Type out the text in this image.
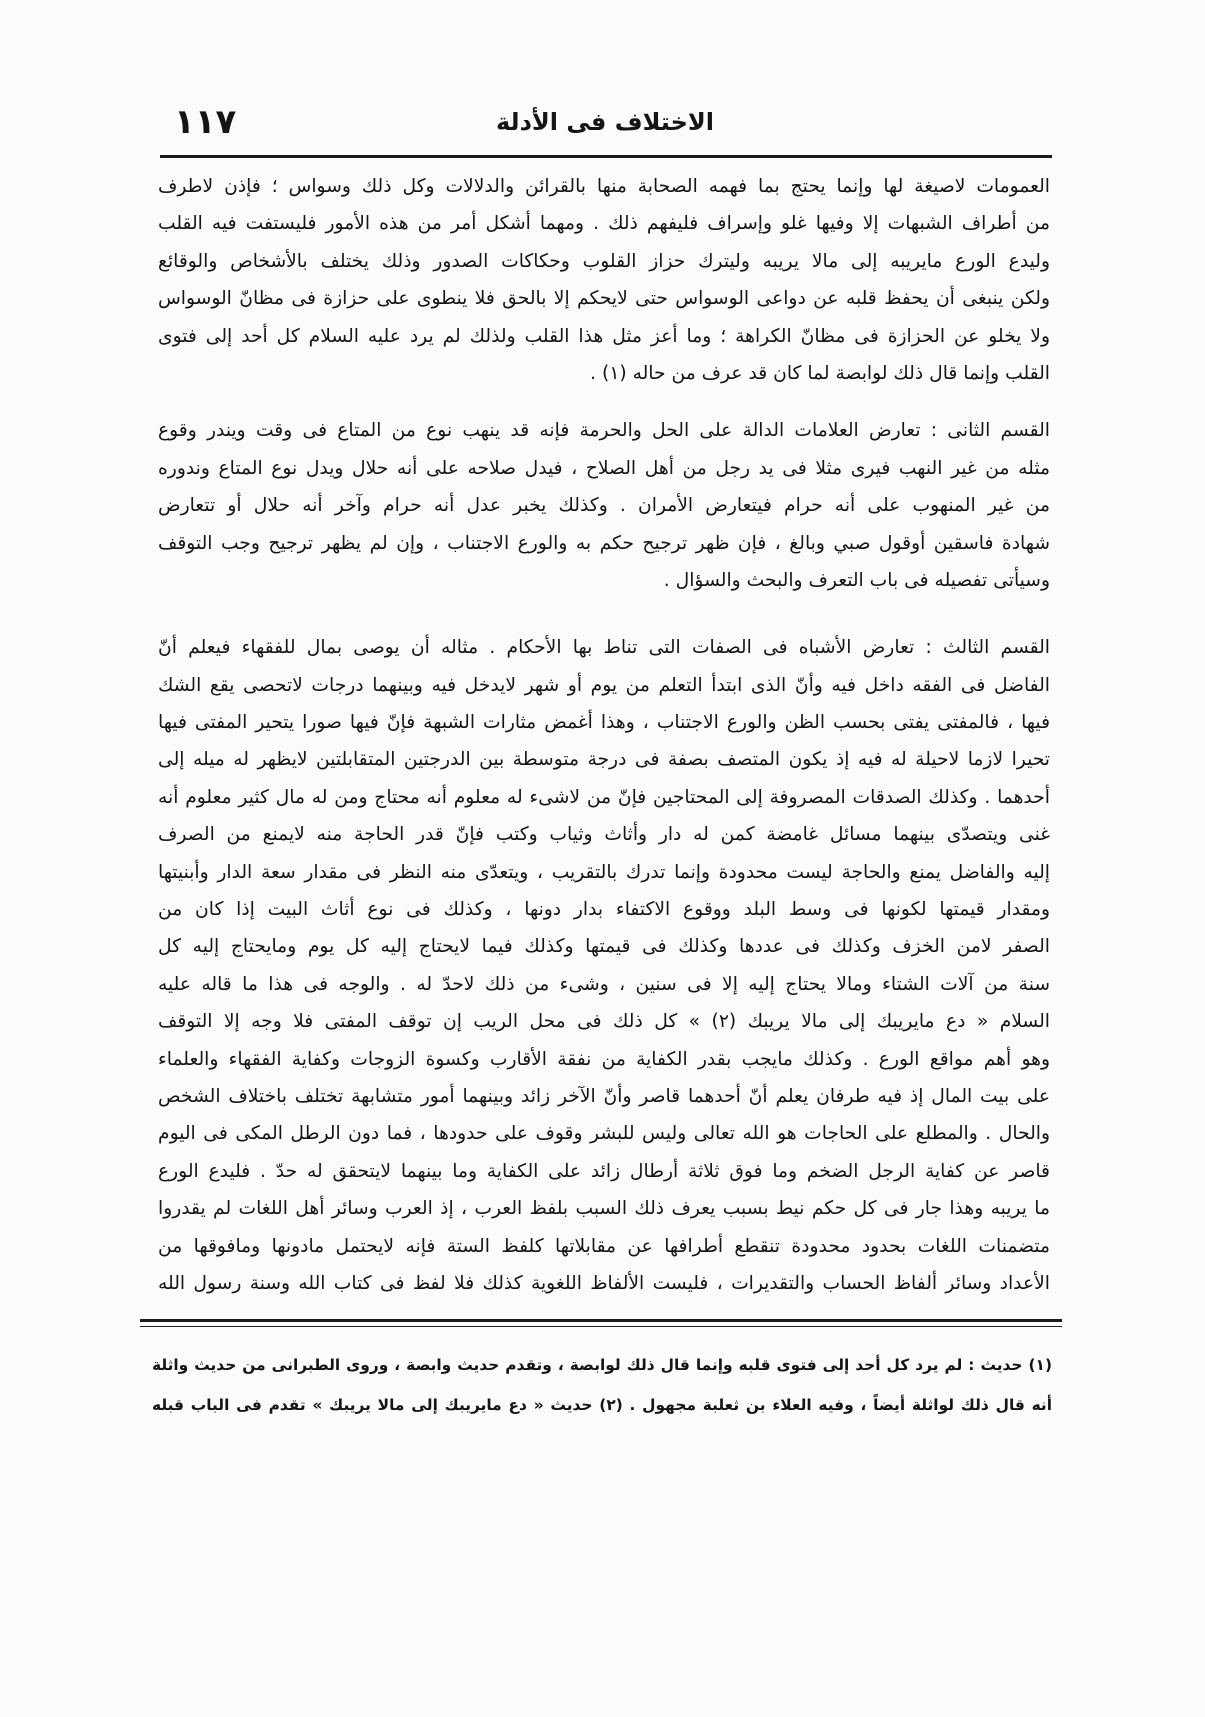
الاختلاف فى الأدلة
١١٧
العمومات لاصيغة لها وإنما يحتج بما فهمه الصحابة منها بالقرائن والدلالات وكل ذلك وسواس ؛ فإذن لاطرف
من أطراف الشبهات إلا وفيها غلو وإسراف فليفهم ذلك . ومهما أشكل أمر من هذه الأمور فليستفت فيه القلب
وليدع الورع مايريبه إلى مالا يريبه وليترك حزاز القلوب وحكاكات الصدور وذلك يختلف بالأشخاص والوقائع
ولكن ينبغى أن يحفظ قلبه عن دواعى الوسواس حتى لايحكم إلا بالحق فلا ينطوى على حزازة فى مظانّ الوسواس
ولا يخلو عن الحزازة فى مظانّ الكراهة ؛ وما أعز مثل هذا القلب ولذلك لم يرد عليه السلام كل أحد إلى فتوى
القلب وإنما قال ذلك لوابصة لما كان قد عرف من حاله (١) .
القسم الثانى : تعارض العلامات الدالة على الحل والحرمة فإنه قد ينهب نوع من المتاع فى وقت ويندر وقوع
مثله من غير النهب فيرى مثلا فى يد رجل من أهل الصلاح ، فيدل صلاحه على أنه حلال ويدل نوع المتاع وندوره
من غير المنهوب على أنه حرام فيتعارض الأمران . وكذلك يخبر عدل أنه حرام وآخر أنه حلال أو تتعارض
شهادة فاسقين أوقول صبي وبالغ ، فإن ظهر ترجيح حكم به والورع الاجتناب ، وإن لم يظهر ترجيح وجب التوقف
وسيأتى تفصيله فى باب التعرف والبحث والسؤال .
القسم الثالث : تعارض الأشباه فى الصفات التى تناط بها الأحكام . مثاله أن يوصى بمال للفقهاء فيعلم أنّ
الفاضل فى الفقه داخل فيه وأنّ الذى ابتدأ التعلم من يوم أو شهر لايدخل فيه وبينهما درجات لاتحصى يقع الشك
فيها ، فالمفتى يفتى بحسب الظن والورع الاجتناب ، وهذا أغمض مثارات الشبهة فإنّ فيها صورا يتحير المفتى فيها
تحيرا لازما لاحيلة له فيه إذ يكون المتصف بصفة فى درجة متوسطة بين الدرجتين المتقابلتين لايظهر له ميله إلى
أحدهما . وكذلك الصدقات المصروفة إلى المحتاجين فإنّ من لاشىء له معلوم أنه محتاج ومن له مال كثير معلوم أنه
غنى ويتصدّى بينهما مسائل غامضة كمن له دار وأثاث وثياب وكتب فإنّ قدر الحاجة منه لايمنع من الصرف
إليه والفاضل يمنع والحاجة ليست محدودة وإنما تدرك بالتقريب ، ويتعدّى منه النظر فى مقدار سعة الدار وأبنيتها
ومقدار قيمتها لكونها فى وسط البلد ووقوع الاكتفاء بدار دونها ، وكذلك فى نوع أثاث البيت إذا كان من
الصفر لامن الخزف وكذلك فى عددها وكذلك فى قيمتها وكذلك فيما لايحتاج إليه كل يوم ومايحتاج إليه كل
سنة من آلات الشتاء ومالا يحتاج إليه إلا فى سنين ، وشىء من ذلك لاحدّ له . والوجه فى هذا ما قاله عليه
السلام « دع مايريبك إلى مالا يريبك (٢) » كل ذلك فى محل الريب إن توقف المفتى فلا وجه إلا التوقف
وهو أهم مواقع الورع . وكذلك مايجب بقدر الكفاية من نفقة الأقارب وكسوة الزوجات وكفاية الفقهاء والعلماء
على بيت المال إذ فيه طرفان يعلم أنّ أحدهما قاصر وأنّ الآخر زائد وبينهما أمور متشابهة تختلف باختلاف الشخص
والحال . والمطلع على الحاجات هو الله تعالى وليس للبشر وقوف على حدودها ، فما دون الرطل المكى فى اليوم
قاصر عن كفاية الرجل الضخم وما فوق ثلاثة أرطال زائد على الكفاية وما بينهما لايتحقق له حدّ . فليدع الورع
ما يريبه وهذا جار فى كل حكم نيط بسبب يعرف ذلك السبب بلفظ العرب ، إذ العرب وسائر أهل اللغات لم يقدروا
متضمنات اللغات بحدود محدودة تنقطع أطرافها عن مقابلاتها كلفظ الستة فإنه لايحتمل مادونها ومافوقها من
الأعداد وسائر ألفاظ الحساب والتقديرات ، فليست الألفاظ اللغوية كذلك فلا لفظ فى كتاب الله وسنة رسول الله
(١) حديث : لم يرد كل أحد إلى فتوى قلبه وإنما قال ذلك لوابصة ، وتقدم حديث وابصة ، وروى الطبرانى من حديث واثلة
أنه قال ذلك لواثلة أيضاً ، وفيه العلاء بن ثعلبة مجهول . (٢) حديث « دع مايريبك إلى مالا يريبك » تقدم فى الباب قبله
